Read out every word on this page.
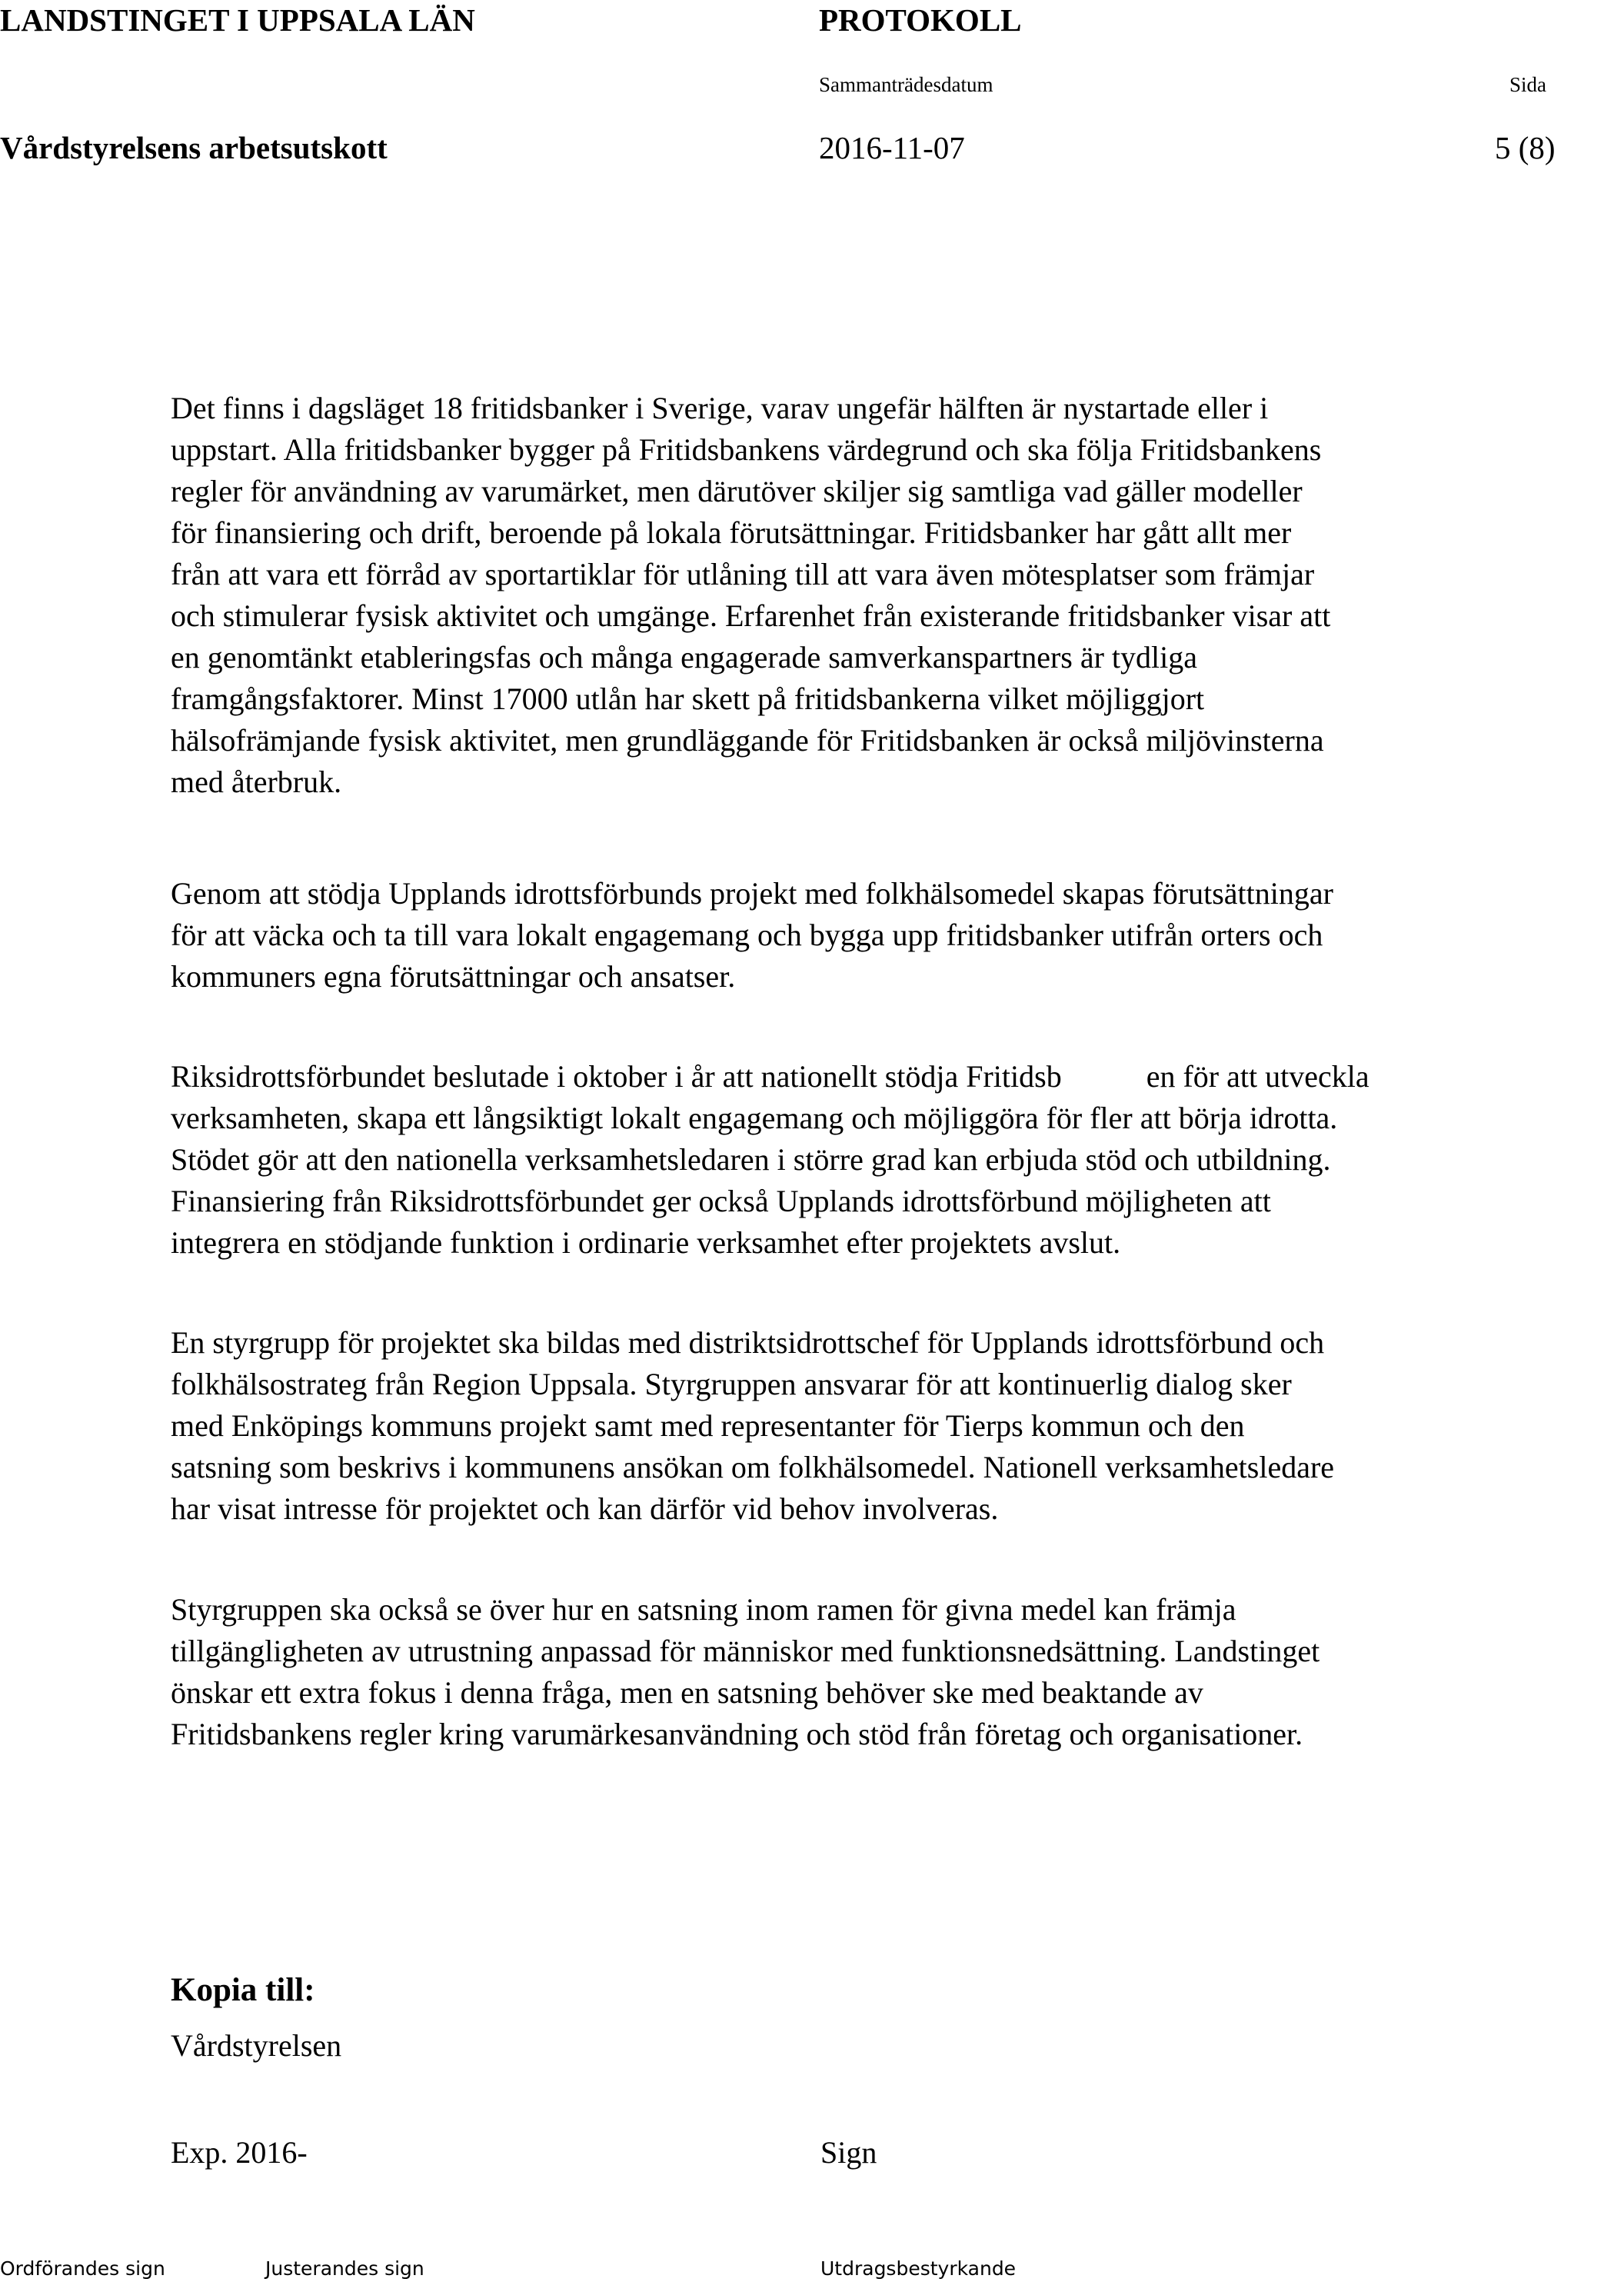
LANDSTINGET I UPPSALA LÄN	PROTOKOLL
Sammanträdesdatum	Sida
Vårdstyrelsens arbetsutskott	2016-11-07	5 (8)
Det finns i dagsläget 18 fritidsbanker i Sverige, varav ungefär hälften är nystartade eller i
uppstart. Alla fritidsbanker bygger på Fritidsbankens värdegrund och ska följa Fritidsbankens
regler för användning av varumärket, men därutöver skiljer sig samtliga vad gäller modeller
för finansiering och drift, beroende på lokala förutsättningar. Fritidsbanker har gått allt mer
från att vara ett förråd av sportartiklar för utlåning till att vara även mötesplatser som främjar
och stimulerar fysisk aktivitet och umgänge. Erfarenhet från existerande fritidsbanker visar att
en genomtänkt etableringsfas och många engagerade samverkanspartners är tydliga
framgångsfaktorer. Minst 17000 utlån har skett på fritidsbankerna vilket möjliggjort
hälsofrämjande fysisk aktivitet, men grundläggande för Fritidsbanken är också miljövinsterna
med återbruk.
Genom att stödja Upplands idrottsförbunds projekt med folkhälsomedel skapas förutsättningar
för att väcka och ta till vara lokalt engagemang och bygga upp fritidsbanker utifrån orters och
kommuners egna förutsättningar och ansatser.
Riksidrottsförbundet beslutade i oktober i år att nationellt stödja Fritidsb	en för att utveckla
verksamheten, skapa ett långsiktigt lokalt engagemang och möjliggöra för fler att börja idrotta.
Stödet gör att den nationella verksamhetsledaren i större grad kan erbjuda stöd och utbildning.
Finansiering från Riksidrottsförbundet ger också Upplands idrottsförbund möjligheten att
integrera en stödjande funktion i ordinarie verksamhet efter projektets avslut.
En styrgrupp för projektet ska bildas med distriktsidrottschef för Upplands idrottsförbund och
folkhälsostrateg från Region Uppsala. Styrgruppen ansvarar för att kontinuerlig dialog sker
med Enköpings kommuns projekt samt med representanter för Tierps kommun och den
satsning som beskrivs i kommunens ansökan om folkhälsomedel. Nationell verksamhetsledare
har visat intresse för projektet och kan därför vid behov involveras.
Styrgruppen ska också se över hur en satsning inom ramen för givna medel kan främja
tillgängligheten av utrustning anpassad för människor med funktionsnedsättning. Landstinget
önskar ett extra fokus i denna fråga, men en satsning behöver ske med beaktande av
Fritidsbankens regler kring varumärkesanvändning och stöd från företag och organisationer.
Kopia till:
Vårdstyrelsen
Exp. 2016-	Sign
Ordförandes sign	Justerandes sign	Utdragsbestyrkande
